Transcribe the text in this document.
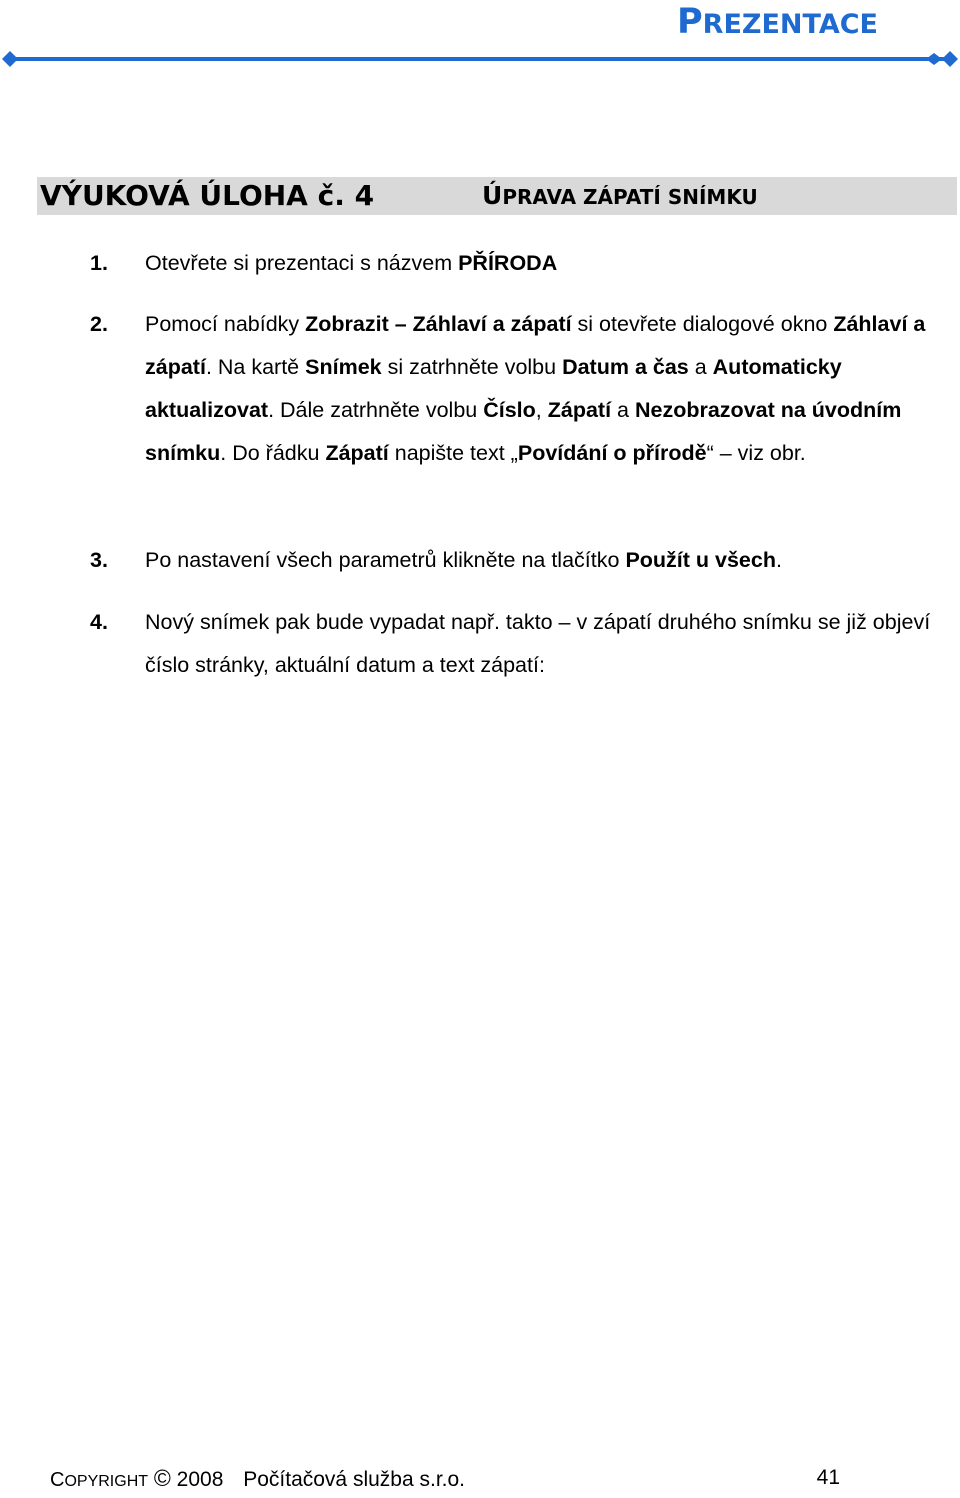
PREZENTACE
VÝUKOVÁ ÚLOHA č. 4	ÚPRAVA ZÁPATÍ SNÍMKU
1.	Otevřete si prezentaci s názvem PŘÍRODA
2.	Pomocí nabídky Zobrazit – Záhlaví a zápatí si otevřete dialogové okno Záhlaví a zápatí. Na kartě Snímek si zatrhněte volbu Datum a čas a Automaticky aktualizovat. Dále zatrhněte volbu Číslo, Zápatí a Nezobrazovat na úvodním snímku. Do řádku Zápatí napište text „Povídání o přírodě“ – viz obr.
3.	Po nastavení všech parametrů klikněte na tlačítko Použít u všech.
4.	Nový snímek pak bude vypadat např. takto – v zápatí druhého snímku se již objeví číslo stránky, aktuální datum a text zápatí:
COPYRIGHT © 2008 Počítačová služba s.r.o.	41
